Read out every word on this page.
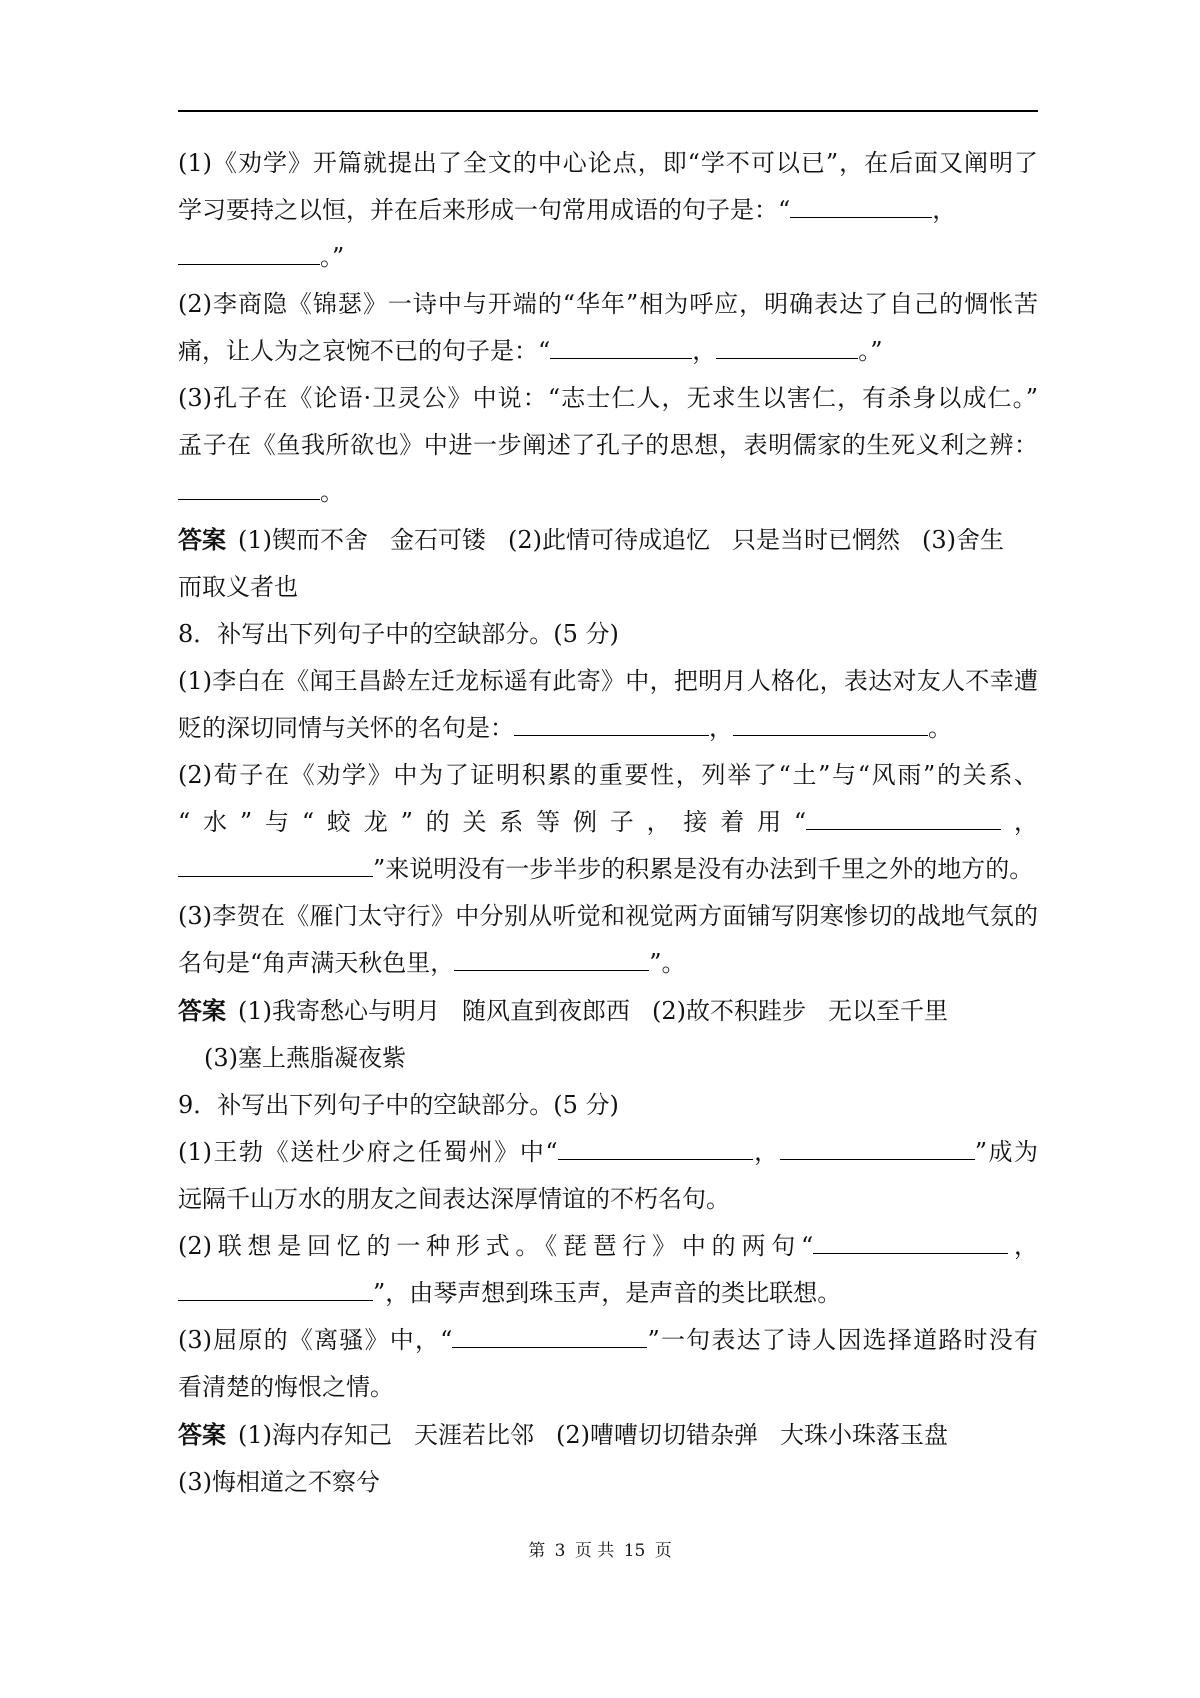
(1)《劝学》开篇就提出了全文的中心论点，即“学不可以已”，在后面又阐明了

学习要持之以恒，并在后来形成一句常用成语的句子是：“	，

。”

(2)李商隐《锦瑟》一诗中与开端的“华年”相为呼应，明确表达了自己的惆怅苦

痛，让人为之哀惋不已的句子是：“	，	。”

(3)孔子在《论语·卫灵公》中说：“志士仁人，无求生以害仁，有杀身以成仁。”

孟子在《鱼我所欲也》中进一步阐述了孔子的思想，表明儒家的生死义利之辨：

。

答案 (1)锲而不舍 金石可镂 (2)此情可待成追忆 只是当时已惘然 (3)舍生

而取义者也

8．补写出下列句子中的空缺部分。(5 分)

(1)李白在《闻王昌龄左迁龙标遥有此寄》中，把明月人格化，表达对友人不幸遭

贬的深切同情与关怀的名句是：	，	。

(2)荀子在《劝学》中为了证明积累的重要性，列举了“土”与“风雨”的关系、

“水”与“蛟龙”的关系等例子，接着用“	，

”来说明没有一步半步的积累是没有办法到千里之外的地方的。

(3)李贺在《雁门太守行》中分别从听觉和视觉两方面铺写阴寒惨切的战地气氛的

名句是“角声满天秋色里，	”。

答案 (1)我寄愁心与明月 随风直到夜郎西 (2)故不积跬步 无以至千里

(3)塞上燕脂凝夜紫

9．补写出下列句子中的空缺部分。(5 分)

(1)王勃《送杜少府之任蜀州》中“	，	”成为

远隔千山万水的朋友之间表达深厚情谊的不朽名句。

(2)联想是回忆的一种形式。《琵琶行》中的两句“	，

”，由琴声想到珠玉声，是声音的类比联想。

(3)屈原的《离骚》中，“	”一句表达了诗人因选择道路时没有

看清楚的悔恨之情。

答案 (1)海内存知己 天涯若比邻 (2)嘈嘈切切错杂弹 大珠小珠落玉盘

(3)悔相道之不察兮

第 3 页 共 15 页
